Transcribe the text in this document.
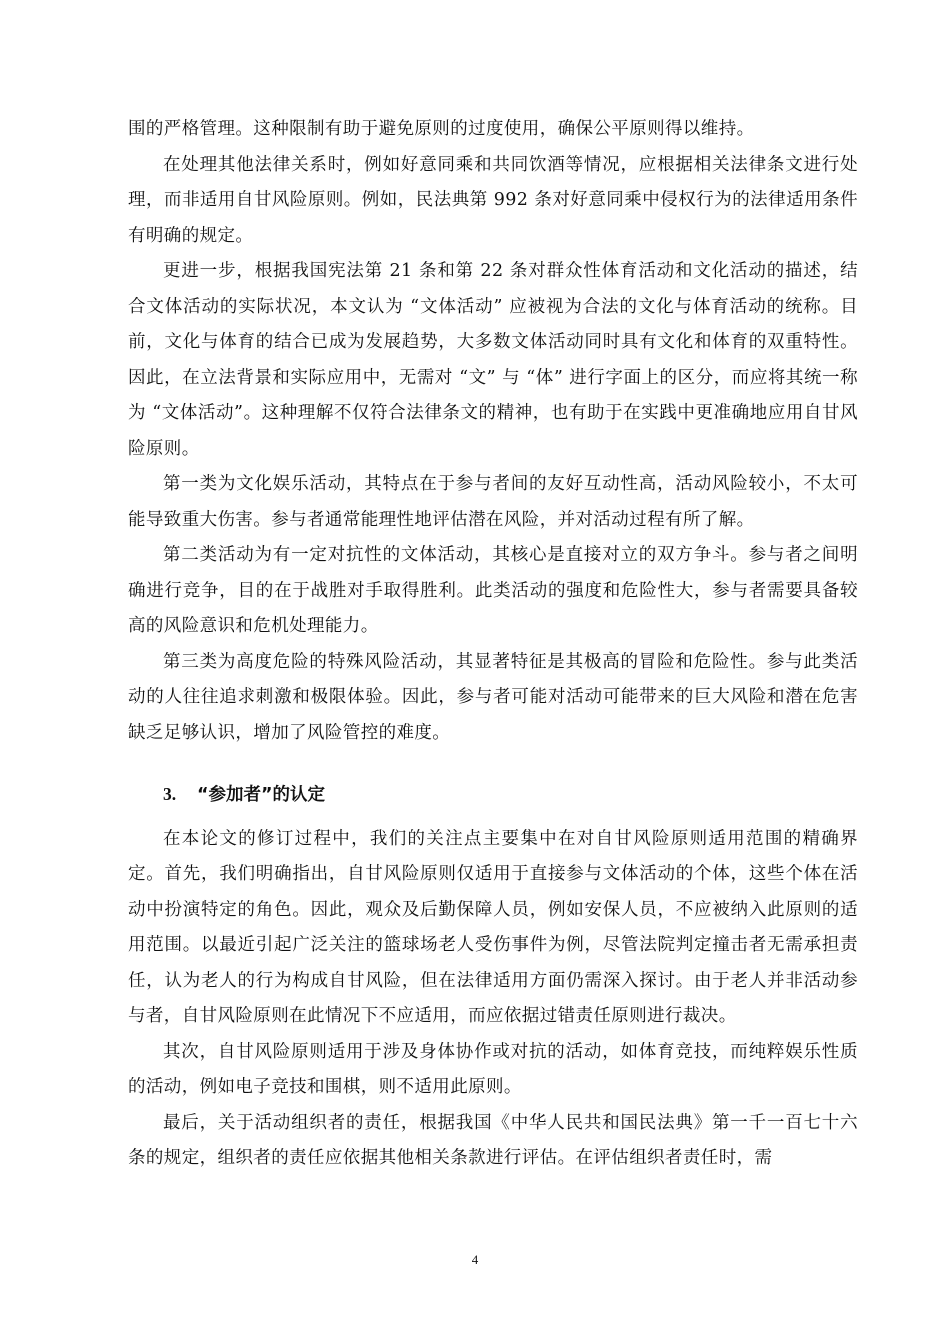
围的严格管理。这种限制有助于避免原则的过度使用，确保公平原则得以维持。

在处理其他法律关系时，例如好意同乘和共同饮酒等情况，应根据相关法律条文进行处理，而非适用自甘风险原则。例如，民法典第 992 条对好意同乘中侵权行为的法律适用条件有明确的规定。

更进一步，根据我国宪法第 21 条和第 22 条对群众性体育活动和文化活动的描述，结合文体活动的实际状况，本文认为 “文体活动” 应被视为合法的文化与体育活动的统称。目前，文化与体育的结合已成为发展趋势，大多数文体活动同时具有文化和体育的双重特性。因此，在立法背景和实际应用中，无需对 “文” 与 “体” 进行字面上的区分，而应将其统一称为 “文体活动”。这种理解不仅符合法律条文的精神，也有助于在实践中更准确地应用自甘风险原则。

第一类为文化娱乐活动，其特点在于参与者间的友好互动性高，活动风险较小，不太可能导致重大伤害。参与者通常能理性地评估潜在风险，并对活动过程有所了解。

第二类活动为有一定对抗性的文体活动，其核心是直接对立的双方争斗。参与者之间明确进行竞争，目的在于战胜对手取得胜利。此类活动的强度和危险性大，参与者需要具备较高的风险意识和危机处理能力。

第三类为高度危险的特殊风险活动，其显著特征是其极高的冒险和危险性。参与此类活动的人往往追求刺激和极限体验。因此，参与者可能对活动可能带来的巨大风险和潜在危害缺乏足够认识，增加了风险管控的难度。

3. “参加者”的认定

在本论文的修订过程中，我们的关注点主要集中在对自甘风险原则适用范围的精确界定。首先，我们明确指出，自甘风险原则仅适用于直接参与文体活动的个体，这些个体在活动中扮演特定的角色。因此，观众及后勤保障人员，例如安保人员，不应被纳入此原则的适用范围。以最近引起广泛关注的篮球场老人受伤事件为例，尽管法院判定撞击者无需承担责任，认为老人的行为构成自甘风险，但在法律适用方面仍需深入探讨。由于老人并非活动参与者，自甘风险原则在此情况下不应适用，而应依据过错责任原则进行裁决。

其次，自甘风险原则适用于涉及身体协作或对抗的活动，如体育竞技，而纯粹娱乐性质的活动，例如电子竞技和围棋，则不适用此原则。

最后，关于活动组织者的责任，根据我国《中华人民共和国民法典》第一千一百七十六条的规定，组织者的责任应依据其他相关条款进行评估。在评估组织者责任时，需

4
